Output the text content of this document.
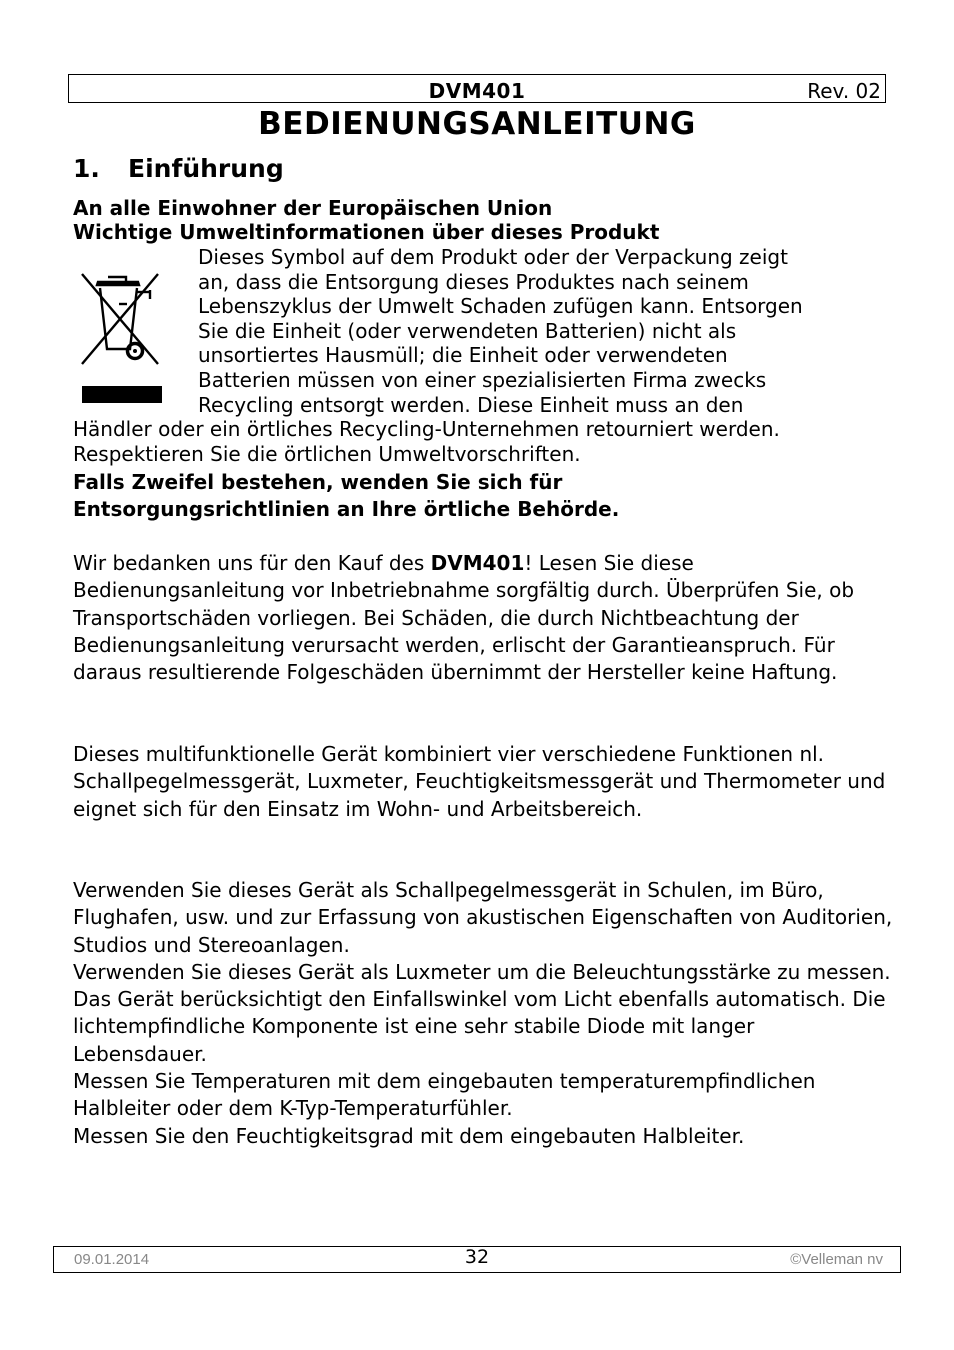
DVM401	Rev. 02
BEDIENUNGSANLEITUNG
1. Einführung
An alle Einwohner der Europäischen Union
Wichtige Umweltinformationen über dieses Produkt
Dieses Symbol auf dem Produkt oder der Verpackung zeigt
an, dass die Entsorgung dieses Produktes nach seinem
Lebenszyklus der Umwelt Schaden zufügen kann. Entsorgen
Sie die Einheit (oder verwendeten Batterien) nicht als
unsortiertes Hausmüll; die Einheit oder verwendeten
Batterien müssen von einer spezialisierten Firma zwecks
Recycling entsorgt werden. Diese Einheit muss an den
Händler oder ein örtliches Recycling-Unternehmen retourniert werden.
Respektieren Sie die örtlichen Umweltvorschriften.
Falls Zweifel bestehen, wenden Sie sich für
Entsorgungsrichtlinien an Ihre örtliche Behörde.

Wir bedanken uns für den Kauf des DVM401! Lesen Sie diese Bedienungsanleitung vor Inbetriebnahme sorgfältig durch. Überprüfen Sie, ob Transportschäden vorliegen. Bei Schäden, die durch Nichtbeachtung der Bedienungsanleitung verursacht werden, erlischt der Garantieanspruch. Für daraus resultierende Folgeschäden übernimmt der Hersteller keine Haftung.

Dieses multifunktionelle Gerät kombiniert vier verschiedene Funktionen nl. Schallpegelmessgerät, Luxmeter, Feuchtigkeitsmessgerät und Thermometer und eignet sich für den Einsatz im Wohn- und Arbeitsbereich.

Verwenden Sie dieses Gerät als Schallpegelmessgerät in Schulen, im Büro, Flughafen, usw. und zur Erfassung von akustischen Eigenschaften von Auditorien, Studios und Stereoanlagen.

Verwenden Sie dieses Gerät als Luxmeter um die Beleuchtungsstärke zu messen. Das Gerät berücksichtigt den Einfallswinkel vom Licht ebenfalls automatisch. Die lichtempfindliche Komponente ist eine sehr stabile Diode mit langer Lebensdauer.

Messen Sie Temperaturen mit dem eingebauten temperaturempfindlichen Halbleiter oder dem K-Typ-Temperaturfühler.

Messen Sie den Feuchtigkeitsgrad mit dem eingebauten Halbleiter.

09.01.2014	32	©Velleman nv
